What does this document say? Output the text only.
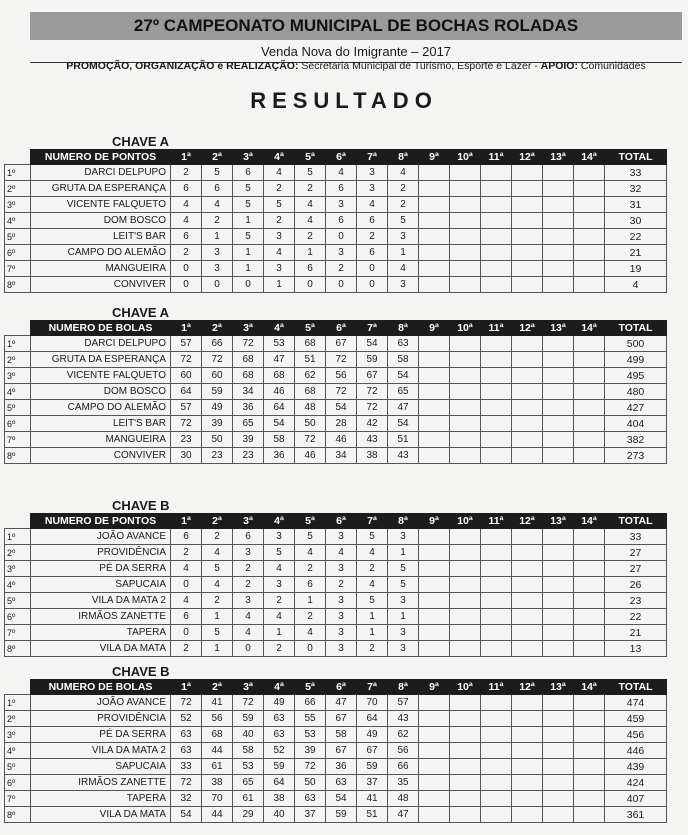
27º CAMPEONATO MUNICIPAL DE BOCHAS ROLADAS
Venda Nova do Imigrante – 2017
PROMOÇÃO, ORGANIZAÇÃO e REALIZAÇÃO: Secretaria Municipal de Turismo, Esporte e Lazer - APOIO: Comunidades
RESULTADO
CHAVE A
	NUMERO DE PONTOS	1ª	2ª	3ª	4ª	5ª	6ª	7ª	8ª	9ª	10ª	11ª	12ª	13ª	14ª	TOTAL
1º	DARCI DELPUPO	2	5	6	4	5	4	3	4							33
2º	GRUTA DA ESPERANÇA	6	6	5	2	2	6	3	2							32
3º	VICENTE FALQUETO	4	4	5	5	4	3	4	2							31
4º	DOM BOSCO	4	2	1	2	4	6	6	5							30
5º	LEIT'S BAR	6	1	5	3	2	0	2	3							22
6º	CAMPO DO ALEMÃO	2	3	1	4	1	3	6	1							21
7º	MANGUEIRA	0	3	1	3	6	2	0	4							19
8º	CONVIVER	0	0	0	1	0	0	0	3							4
CHAVE A
	NUMERO DE BOLAS	1ª	2ª	3ª	4ª	5ª	6ª	7ª	8ª	9ª	10ª	11ª	12ª	13ª	14ª	TOTAL
1º	DARCI DELPUPO	57	66	72	53	68	67	54	63							500
2º	GRUTA DA ESPERANÇA	72	72	68	47	51	72	59	58							499
3º	VICENTE FALQUETO	60	60	68	68	62	56	67	54							495
4º	DOM BOSCO	64	59	34	46	68	72	72	65							480
5º	CAMPO DO ALEMÃO	57	49	36	64	48	54	72	47							427
6º	LEIT'S BAR	72	39	65	54	50	28	42	54							404
7º	MANGUEIRA	23	50	39	58	72	46	43	51							382
8º	CONVIVER	30	23	23	36	46	34	38	43							273
CHAVE B
	NUMERO DE PONTOS	1ª	2ª	3ª	4ª	5ª	6ª	7ª	8ª	9ª	10ª	11ª	12ª	13ª	14ª	TOTAL
1º	JOÃO AVANCE	6	2	6	3	5	3	5	3							33
2º	PROVIDÊNCIA	2	4	3	5	4	4	4	1							27
3º	PÉ DA SERRA	4	5	2	4	2	3	2	5							27
4º	SAPUCAIA	0	4	2	3	6	2	4	5							26
5º	VILA DA MATA 2	4	2	3	2	1	3	5	3							23
6º	IRMÃOS ZANETTE	6	1	4	4	2	3	1	1							22
7º	TAPERA	0	5	4	1	4	3	1	3							21
8º	VILA DA MATA	2	1	0	2	0	3	2	3							13
CHAVE B
	NUMERO DE BOLAS	1ª	2ª	3ª	4ª	5ª	6ª	7ª	8ª	9ª	10ª	11ª	12ª	13ª	14ª	TOTAL
1º	JOÃO AVANCE	72	41	72	49	66	47	70	57							474
2º	PROVIDÊNCIA	52	56	59	63	55	67	64	43							459
3º	PÉ DA SERRA	63	68	40	63	53	58	49	62							456
4º	VILA DA MATA 2	63	44	58	52	39	67	67	56							446
5º	SAPUCAIA	33	61	53	59	72	36	59	66							439
6º	IRMÃOS ZANETTE	72	38	65	64	50	63	37	35							424
7º	TAPERA	32	70	61	38	63	54	41	48							407
8º	VILA DA MATA	54	44	29	40	37	59	51	47							361
